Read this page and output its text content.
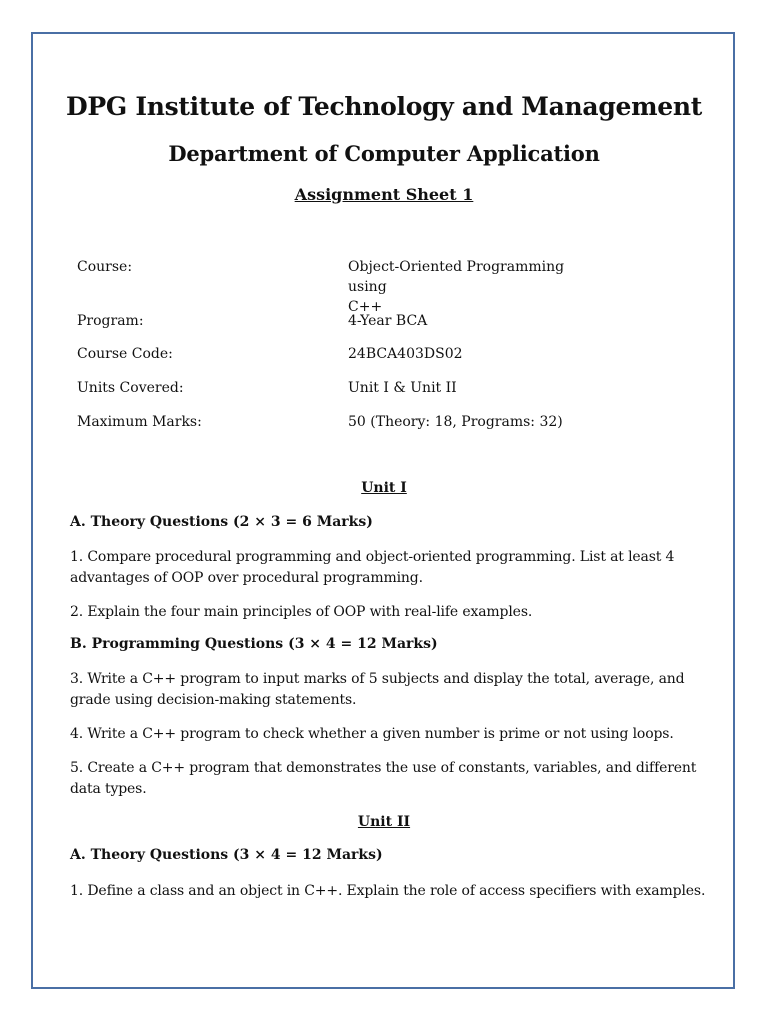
DPG Institute of Technology and Management
Department of Computer Application
Assignment Sheet 1
Course:	Object-Oriented Programming using
C++
Program:	4-Year BCA
Course Code:	24BCA403DS02
Units Covered:	Unit I & Unit II
Maximum Marks:	50 (Theory: 18, Programs: 32)
Unit I
A. Theory Questions (2 × 3 = 6 Marks)
1. Compare procedural programming and object-oriented programming. List at least 4 advantages of OOP over procedural programming.
2. Explain the four main principles of OOP with real-life examples.
B. Programming Questions (3 × 4 = 12 Marks)
3. Write a C++ program to input marks of 5 subjects and display the total, average, and grade using decision-making statements.
4. Write a C++ program to check whether a given number is prime or not using loops.
5. Create a C++ program that demonstrates the use of constants, variables, and different data types.
Unit II
A. Theory Questions (3 × 4 = 12 Marks)
1. Define a class and an object in C++. Explain the role of access specifiers with examples.
